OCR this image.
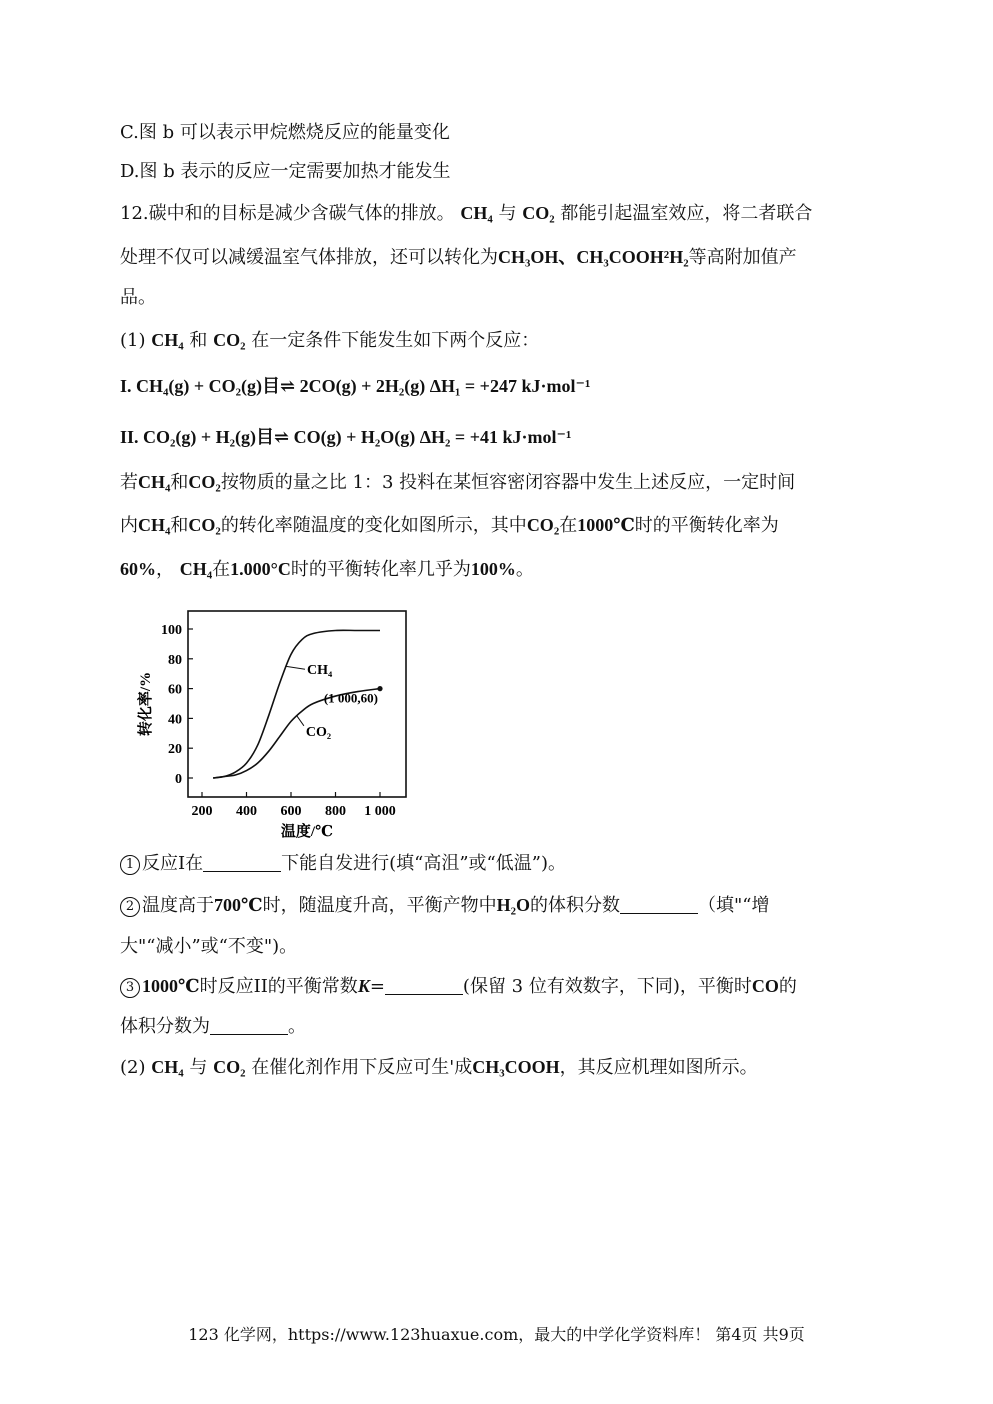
C.图 b 可以表示甲烷燃烧反应的能量变化
D.图 b 表示的反应一定需要加热才能发生
12.碳中和的目标是减少含碳气体的排放。 CH₄ 与 CO₂ 都能引起温室效应，将二者联合
处理不仅可以减缓温室气体排放，还可以转化为CH₃OH、CH₃COOH²H₂等高附加值产
品。
(1) CH₄ 和 CO₂ 在一定条件下能发生如下两个反应：
I. CH₄(g) + CO₂(g)目⇌ 2CO(g) + 2H₂(g) ΔH₁ = +247 kJ·mol⁻¹
II. CO₂(g) + H₂(g)目⇌ CO(g) + H₂O(g) ΔH₂ = +41 kJ·mol⁻¹
若CH₄和CO₂按物质的量之比 1：3 投料在某恒容密闭容器中发生上述反应，一定时间
内CH₄和CO₂的转化率随温度的变化如图所示，其中CO₂在1000℃时的平衡转化率为
60%， CH₄在1.000°C时的平衡转化率几乎为100%。
0
20
40
60
80
100
200 400 600 800 1 000
温度/℃
转化率/%
CH₄
CO₂
(1 000,60)
1 反应I在	下能自发进行(填“高沮”或“低温”)。
2 温度高于700℃时，随温度升高，平衡产物中H₂O的体积分数	（填"“增
大"“减小”或“不变")。
3 1000℃时反应II的平衡常数K=	(保留 3 位有效数字，下同)，平衡时CO的
体积分数为	。
(2) CH₄ 与 CO₂ 在催化剂作用下反应可生'成CH₃COOH，其反应机理如图所示。
123 化学网，https://www.123huaxue.com，最大的中学化学资料库！ 第4页 共9页
